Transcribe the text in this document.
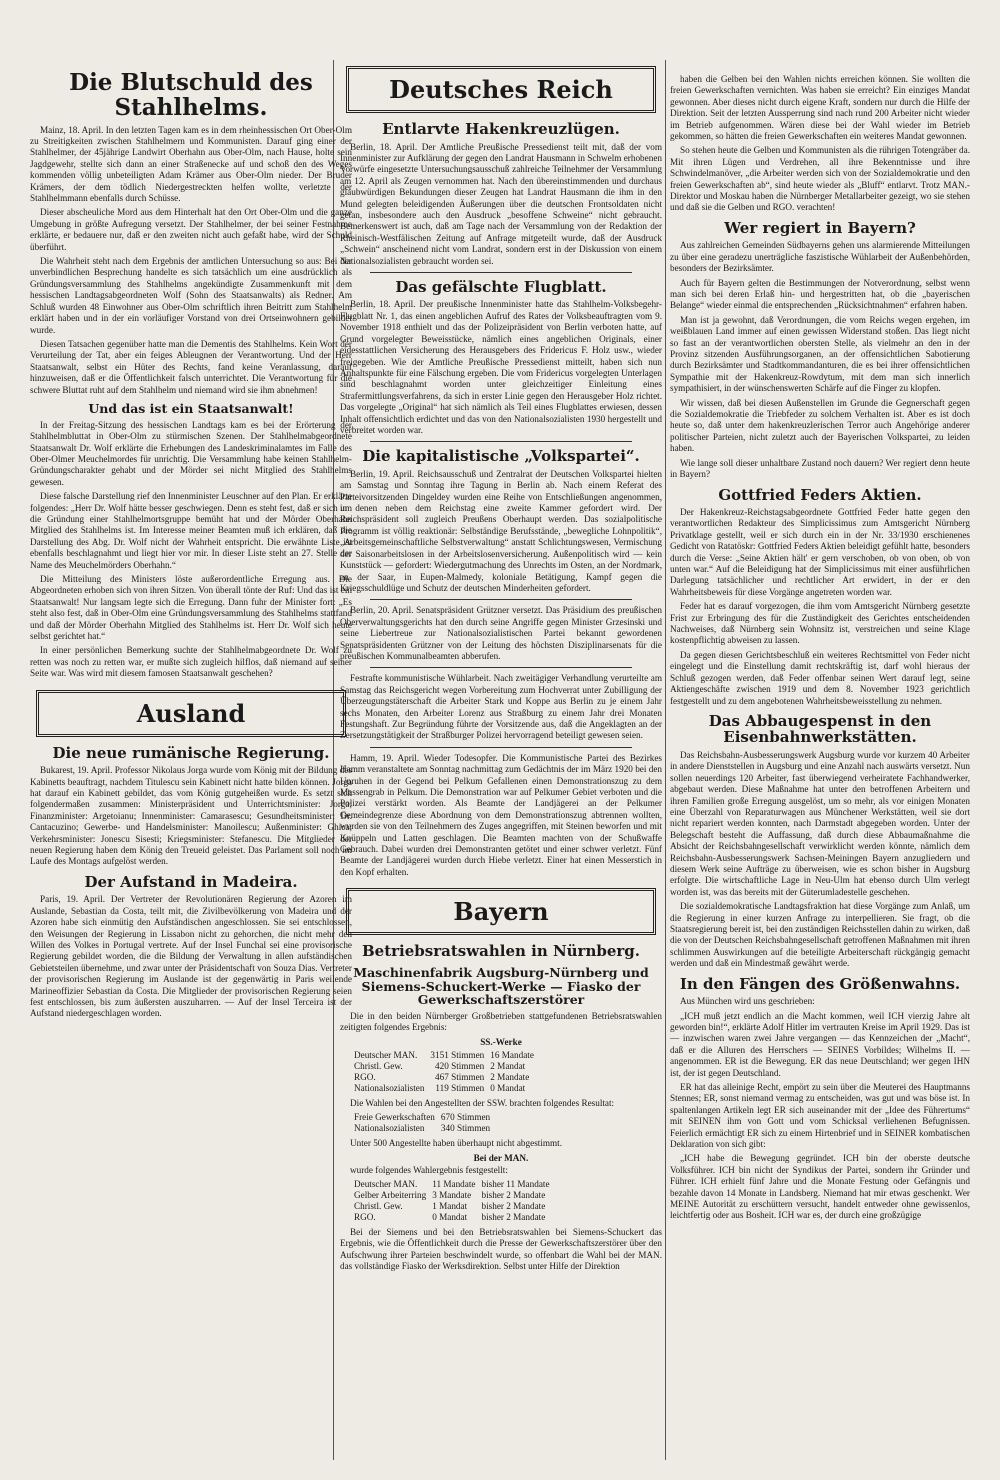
Die Blutschuld des Stahlhelms.

Mainz, 18. April. In den letzten Tagen kam es in dem rheinhessischen Ort Ober-Olm zu Streitigkeiten zwischen Stahlhelmern und Kommunisten. Darauf ging einer der Stahlhelmer, der 45jährige Landwirt Oberhahn aus Ober-Olm, nach Hause, holte sein Jagdgewehr, stellte sich dann an einer Straßenecke auf und schoß den des Weges kommenden völlig unbeteiligten Adam Krämer aus Ober-Olm nieder. Der Bruder Krämers, der dem tödlich Niedergestreckten helfen wollte, verletzte der Stahlhelmmann ebenfalls durch Schüsse.

Dieser abscheuliche Mord aus dem Hinterhalt hat den Ort Ober-Olm und die ganze Umgebung in größte Aufregung versetzt. Der Stahlhelmer, der bei seiner Festnahme erklärte, er bedauere nur, daß er den zweiten nicht auch gefaßt habe, wird der Schuld überführt.

Die Wahrheit steht nach dem Ergebnis der amtlichen Untersuchung so aus: Bei der unverbindlichen Besprechung handelte es sich tatsächlich um eine ausdrücklich als Gründungsversammlung des Stahlhelms angekündigte Zusammenkunft mit dem hessischen Landtagsabgeordneten Wolf (Sohn des Staatsanwalts) als Redner. Am Schluß wurden 48 Einwohner aus Ober-Olm schriftlich ihren Beitritt zum Stahlhelm erklärt haben und in der ein vorläufiger Vorstand von drei Ortseinwohnern gebildet wurde.

Diesen Tatsachen gegenüber hatte man die Dementis des Stahlhelms. Kein Wort der Verurteilung der Tat, aber ein feiges Ableugnen der Verantwortung. Und der Herr Staatsanwalt, selbst ein Hüter des Rechts, fand keine Veranlassung, darauf hinzuweisen, daß er die Öffentlichkeit falsch unterrichtet. Die Verantwortung für die schwere Bluttat ruht auf dem Stahlhelm und niemand wird sie ihm abnehmen!

Und das ist ein Staatsanwalt!

In der Freitag-Sitzung des hessischen Landtags kam es bei der Erörterung der Stahlhelmbluttat in Ober-Olm zu stürmischen Szenen. Der Stahlhelmabgeordnete Staatsanwalt Dr. Wolf erklärte die Erhebungen des Landeskriminalamtes im Falle des Ober-Olmer Meuchelmordes für unrichtig. Die Versammlung habe keinen Stahlhelm-Gründungscharakter gehabt und der Mörder sei nicht Mitglied des Stahlhelms gewesen.

Diese falsche Darstellung rief den Innenminister Leuschner auf den Plan. Er erklärte folgendes: „Herr Dr. Wolf hätte besser geschwiegen. Denn es steht fest, daß er sich um die Gründung einer Stahlhelmortsgruppe bemüht hat und der Mörder Oberhahn Mitglied des Stahlhelms ist. Im Interesse meiner Beamten muß ich erklären, daß die Darstellung des Abg. Dr. Wolf nicht der Wahrheit entspricht. Die erwähnte Liste ist ebenfalls beschlagnahmt und liegt hier vor mir. In dieser Liste steht an 27. Stelle der Name des Meuchelmörders Oberhahn.“

Die Mitteilung des Ministers löste außerordentliche Erregung aus. Die Abgeordneten erhoben sich von ihren Sitzen. Von überall tönte der Ruf: Und das ist ein Staatsanwalt! Nur langsam legte sich die Erregung. Dann fuhr der Minister fort: „Es steht also fest, daß in Ober-Olm eine Gründungsversammlung des Stahlhelms stattfand und daß der Mörder Oberhahn Mitglied des Stahlhelms ist. Herr Dr. Wolf sich heute selbst gerichtet hat.“

In einer persönlichen Bemerkung suchte der Stahlhelmabgeordnete Dr. Wolf zu retten was noch zu retten war, er mußte sich zugleich hilflos, daß niemand auf seiner Seite war. Was wird mit diesem famosen Staatsanwalt geschehen?

Ausland
Die neue rumänische Regierung.

Bukarest, 19. April. Professor Nikolaus Jorga wurde vom König mit der Bildung des Kabinetts beauftragt, nachdem Titulescu sein Kabinett nicht hatte bilden können. Jorga hat darauf ein Kabinett gebildet, das vom König gutgeheißen wurde. Es setzt sich folgendermaßen zusammen: Ministerpräsident und Unterrichtsminister: Jorga; Finanzminister: Argetoianu; Innenminister: Camarasescu; Gesundheitsminister: Dr. Cantacuzino; Gewerbe- und Handelsminister: Manoilescu; Außenminister: Ghica; Verkehrsminister: Jonescu Sisesti; Kriegsminister: Stefanescu. Die Mitglieder der neuen Regierung haben dem König den Treueid geleistet. Das Parlament soll noch im Laufe des Montags aufgelöst werden.

Der Aufstand in Madeira.

Paris, 19. April. Der Vertreter der Revolutionären Regierung der Azoren im Auslande, Sebastian da Costa, teilt mit, die Zivilbevölkerung von Madeira und der Azoren habe sich einmütig den Aufständischen angeschlossen. Sie sei entschlossen, den Weisungen der Regierung in Lissabon nicht zu gehorchen, die nicht mehr den Willen des Volkes in Portugal vertrete. Auf der Insel Funchal sei eine provisorische Regierung gebildet worden, die die Bildung der Verwaltung in allen aufständischen Gebietsteilen übernehme, und zwar unter der Präsidentschaft von Souza Dias. Vertreter der provisorischen Regierung im Auslande ist der gegenwärtig in Paris weilende Marineoffizier Sebastian da Costa. Die Mitglieder der provisorischen Regierung seien fest entschlossen, bis zum äußersten auszuharren. — Auf der Insel Terceira ist der Aufstand niedergeschlagen worden.

Deutsches Reich
Entlarvte Hakenkreuzlügen.

Berlin, 18. April. Der Amtliche Preußische Pressedienst teilt mit, daß der vom Innenminister zur Aufklärung der gegen den Landrat Hausmann in Schwelm erhobenen Vorwürfe eingesetzte Untersuchungsausschuß zahlreiche Teilnehmer der Versammlung am 12. April als Zeugen vernommen hat. Nach den übereinstimmenden und durchaus glaubwürdigen Bekundungen dieser Zeugen hat Landrat Hausmann die ihm in den Mund gelegten beleidigenden Äußerungen über die deutschen Frontsoldaten nicht getan, insbesondere auch den Ausdruck „besoffene Schweine“ nicht gebraucht. Bemerkenswert ist auch, daß am Tage nach der Versammlung von der Redaktion der Rheinisch-Westfälischen Zeitung auf Anfrage mitgeteilt wurde, daß der Ausdruck „Schwein“ anscheinend nicht vom Landrat, sondern erst in der Diskussion von einem Nationalsozialisten gebraucht worden sei.

Das gefälschte Flugblatt.

Berlin, 18. April. Der preußische Innenminister hatte das Stahlhelm-Volksbegehr-Flugblatt Nr. 1, das einen angeblichen Aufruf des Rates der Volksbeauftragten vom 9. November 1918 enthielt und das der Polizeipräsident von Berlin verboten hatte, auf Grund vorgelegter Beweisstücke, nämlich eines angeblichen Originals, einer eidesstattlichen Versicherung des Herausgebers des Fridericus F. Holz usw., wieder freigegeben. Wie der Amtliche Preußische Pressedienst mitteilt, haben sich nun Anhaltspunkte für eine Fälschung ergeben. Die vom Fridericus vorgelegten Unterlagen sind beschlagnahmt worden unter gleichzeitiger Einleitung eines Strafermittlungsverfahrens, da sich in erster Linie gegen den Herausgeber Holz richtet. Das vorgelegte „Original“ hat sich nämlich als Teil eines Flugblattes erwiesen, dessen Inhalt offensichtlich erdichtet und das von den Nationalsozialisten 1930 hergestellt und verbreitet worden war.

Die kapitalistische „Volkspartei“.

Berlin, 19. April. Reichsausschuß und Zentralrat der Deutschen Volkspartei hielten am Samstag und Sonntag ihre Tagung in Berlin ab. Nach einem Referat des Parteivorsitzenden Dingeldey wurden eine Reihe von Entschließungen angenommen, in denen neben dem Reichstag eine zweite Kammer gefordert wird. Der Reichspräsident soll zugleich Preußens Oberhaupt werden. Das sozialpolitische Programm ist völlig reaktionär: Selbständige Berufsstände, „bewegliche Lohnpolitik“, „Arbeitsgemeinschaftliche Selbstverwaltung“ anstatt Schlichtungswesen, Vermischung der Saisonarbeitslosen in der Arbeitslosenversicherung. Außenpolitisch wird — kein Kunststück — gefordert: Wiedergutmachung des Unrechts im Osten, an der Nordmark, an der Saar, in Eupen-Malmedy, koloniale Betätigung, Kampf gegen die Kriegsschuldlüge und Schutz der deutschen Minderheiten gefordert.

Berlin, 20. April. Senatspräsident Grützner versetzt. Das Präsidium des preußischen Oberverwaltungsgerichts hat den durch seine Angriffe gegen Minister Grzesinski und seine Liebertreue zur Nationalsozialistischen Partei bekannt gewordenen Senatspräsidenten Grützner von der Leitung des höchsten Disziplinarsenats für die preußischen Kommunalbeamten abberufen.

Festrafte kommunistische Wühlarbeit. Nach zweitägiger Verhandlung verurteilte am Samstag das Reichsgericht wegen Vorbereitung zum Hochverrat unter Zubilligung der Überzeugungstäterschaft die Arbeiter Stark und Koppe aus Berlin zu je einem Jahr sechs Monaten, den Arbeiter Lorenz aus Straßburg zu einem Jahr drei Monaten Festungshaft. Zur Begründung führte der Vorsitzende aus, daß die Angeklagten an der Zersetzungstätigkeit der Straßburger Polizei hervorragend beteiligt gewesen seien.

Hamm, 19. April. Wieder Todesopfer. Die Kommunistische Partei des Bezirkes Hamm veranstaltete am Sonntag nachmittag zum Gedächtnis der im März 1920 bei den Unruhen in der Gegend bei Pelkum Gefallenen einen Demonstrationszug zu dem Massengrab in Pelkum. Die Demonstration war auf Pelkumer Gebiet verboten und die Polizei verstärkt worden. Als Beamte der Landjägerei an der Pelkumer Gemeindegrenze diese Abordnung von dem Demonstrationszug abtrennen wollten, wurden sie von den Teilnehmern des Zuges angegriffen, mit Steinen beworfen und mit Knüppeln und Latten geschlagen. Die Beamten machten von der Schußwaffe Gebrauch. Dabei wurden drei Demonstranten getötet und einer schwer verletzt. Fünf Beamte der Landjägerei wurden durch Hiebe verletzt. Einer hat einen Messerstich in den Kopf erhalten.

Bayern
Betriebsratswahlen in Nürnberg.
Maschinenfabrik Augsburg-Nürnberg und Siemens-Schuckert-Werke — Fiasko der Gewerkschaftszerstörer

Die in den beiden Nürnberger Großbetrieben stattgefundenen Betriebsratswahlen zeitigten folgendes Ergebnis:

SS.-Werke
Deutscher MAN.	3151 Stimmen	16 Mandate
Christl. Gew.	420 Stimmen	2 Mandat
RGO.	467 Stimmen	2 Mandate
Nationalsozialisten	119 Stimmen	0 Mandat

Die Wahlen bei den Angestellten der SSW. brachten folgendes Resultat:

Freie Gewerkschaften	670 Stimmen
Nationalsozialisten	340 Stimmen

Unter 500 Angestellte haben überhaupt nicht abgestimmt.

Bei der MAN.

wurde folgendes Wahlergebnis festgestellt:

Deutscher MAN.	11 Mandate	bisher 11 Mandate
Gelber Arbeiterring	3 Mandate	bisher 2 Mandate
Christl. Gew.	1 Mandat	bisher 2 Mandate
RGO.	0 Mandat	bisher 2 Mandate

Bei der Siemens und bei den Betriebsratswahlen bei Siemens-Schuckert das Ergebnis, wie die Öffentlichkeit durch die Presse der Gewerkschaftszerstörer über den Aufschwung ihrer Parteien beschwindelt wurde, so offenbart die Wahl bei der MAN. das vollständige Fiasko der Werksdirektion. Selbst unter Hilfe der Direktion

haben die Gelben bei den Wahlen nichts erreichen können. Sie wollten die freien Gewerkschaften vernichten. Was haben sie erreicht? Ein einziges Mandat gewonnen. Aber dieses nicht durch eigene Kraft, sondern nur durch die Hilfe der Direktion. Seit der letzten Aussperrung sind nach rund 200 Arbeiter nicht wieder im Betrieb aufgenommen. Wären diese bei der Wahl wieder im Betrieb gekommen, so hätten die freien Gewerkschaften ein weiteres Mandat gewonnen.

So stehen heute die Gelben und Kommunisten als die rührigen Totengräber da. Mit ihren Lügen und Verdrehen, all ihre Bekenntnisse und ihre Schwindelmanöver, „die Arbeiter werden sich von der Sozialdemokratie und den freien Gewerkschaften ab“, sind heute wieder als „Bluff“ entlarvt. Trotz MAN.-Direktor und Moskau haben die Nürnberger Metallarbeiter gezeigt, wo sie stehen und daß sie die Gelben und RGO. verachten!

Wer regiert in Bayern?

Aus zahlreichen Gemeinden Südbayerns gehen uns alarmierende Mitteilungen zu über eine geradezu unerträgliche faszistische Wühlarbeit der Außenbehörden, besonders der Bezirksämter.

Auch für Bayern gelten die Bestimmungen der Notverordnung, selbst wenn man sich bei deren Erlaß hin- und hergestritten hat, ob die „bayerischen Belange“ wieder einmal die entsprechenden „Rücksichtnahmen“ erfahren haben.

Man ist ja gewohnt, daß Verordnungen, die vom Reichs wegen ergehen, im weißblauen Land immer auf einen gewissen Widerstand stoßen. Das liegt nicht so fast an der verantwortlichen obersten Stelle, als vielmehr an den in der Provinz sitzenden Ausführungsorganen, an der offensichtlichen Sabotierung durch Bezirksämter und Stadtkommandanturen, die es bei ihrer offensichtlichen Sympathie mit der Hakenkreuz-Rowdytum, mit dem man sich innerlich sympathisiert, in der wünschenswerten Schärfe auf die Finger zu klopfen.

Wir wissen, daß bei diesen Außenstellen im Grunde die Gegnerschaft gegen die Sozialdemokratie die Triebfeder zu solchem Verhalten ist. Aber es ist doch heute so, daß unter dem hakenkreuzlerischen Terror auch Angehörige anderer politischer Parteien, nicht zuletzt auch der Bayerischen Volkspartei, zu leiden haben.

Wie lange soll dieser unhaltbare Zustand noch dauern? Wer regiert denn heute in Bayern?

Gottfried Feders Aktien.

Der Hakenkreuz-Reichstagsabgeordnete Gottfried Feder hatte gegen den verantwortlichen Redakteur des Simplicissimus zum Amtsgericht Nürnberg Privatklage gestellt, weil er sich durch ein in der Nr. 33/1930 erschienenes Gedicht von Ratatöskr: Gottfried Feders Aktien beleidigt gefühlt hatte, besonders durch die Verse: „Seine Aktien hält' er gern verschoben, ob von oben, ob von unten war.“ Auf die Beleidigung hat der Simplicissimus mit einer ausführlichen Darlegung tatsächlicher und rechtlicher Art erwidert, in der er den Wahrheitsbeweis für diese Vorgänge angetreten worden war.

Feder hat es darauf vorgezogen, die ihm vom Amtsgericht Nürnberg gesetzte Frist zur Erbringung des für die Zuständigkeit des Gerichtes entscheidenden Nachweises, daß Nürnberg sein Wohnsitz ist, verstreichen und seine Klage kostenpflichtig abweisen zu lassen.

Da gegen diesen Gerichtsbeschluß ein weiteres Rechtsmittel von Feder nicht eingelegt und die Einstellung damit rechtskräftig ist, darf wohl hieraus der Schluß gezogen werden, daß Feder offenbar seinen Wert darauf legt, seine Aktiengeschäfte zwischen 1919 und dem 8. November 1923 gerichtlich festgestellt und zu dem angebotenen Wahrheitsbeweisstellung zu nehmen.

Das Abbaugespenst in den Eisenbahnwerkstätten.

Das Reichsbahn-Ausbesserungswerk Augsburg wurde vor kurzem 40 Arbeiter in andere Dienststellen in Augsburg und eine Anzahl nach auswärts versetzt. Nun sollen neuerdings 120 Arbeiter, fast überwiegend verheiratete Fachhandwerker, abgebaut werden. Diese Maßnahme hat unter den betroffenen Arbeitern und ihren Familien große Erregung ausgelöst, um so mehr, als vor einigen Monaten eine Überzahl von Reparaturwagen aus Münchener Werkstätten, weil sie dort nicht repariert werden konnten, nach Darmstadt abgegeben worden. Unter der Belegschaft besteht die Auffassung, daß durch diese Abbaumaßnahme die Absicht der Reichsbahngesellschaft verwirklicht werden könnte, nämlich dem Reichsbahn-Ausbesserungswerk Sachsen-Meiningen Bayern anzugliedern und diesem Werk seine Aufträge zu überweisen, wie es schon bisher in Augsburg erfolgte. Die wirtschaftliche Lage in Neu-Ulm hat ebenso durch Ulm verlegt worden ist, was das bereits mit der Güterumladestelle geschehen.

Die sozialdemokratische Landtagsfraktion hat diese Vorgänge zum Anlaß, um die Regierung in einer kurzen Anfrage zu interpellieren. Sie fragt, ob die Staatsregierung bereit ist, bei den zuständigen Reichsstellen dahin zu wirken, daß die von der Deutschen Reichsbahngesellschaft getroffenen Maßnahmen mit ihren schlimmen Auswirkungen auf die beteiligte Arbeiterschaft rückgängig gemacht werden und daß ein Mindestmaß gewährt werde.

In den Fängen des Größenwahns.

Aus München wird uns geschrieben:

„ICH muß jetzt endlich an die Macht kommen, weil ICH vierzig Jahre alt geworden bin!“, erklärte Adolf Hitler im vertrauten Kreise im April 1929. Das ist — inzwischen waren zwei Jahre vergangen — das Kennzeichen der „Macht“, daß er die Alluren des Herrschers — SEINES Vorbildes; Wilhelms II. — angenommen. ER ist die Bewegung. ER das neue Deutschland; wer gegen IHN ist, der ist gegen Deutschland.

ER hat das alleinige Recht, empört zu sein über die Meuterei des Hauptmanns Stennes; ER, sonst niemand vermag zu entscheiden, was gut und was böse ist. In spaltenlangen Artikeln legt ER sich auseinander mit der „Idee des Führertums“ mit SEINEN ihm von Gott und vom Schicksal verliehenen Befugnissen. Feierlich ermächtigt ER sich zu einem Hirtenbrief und in SEINER kombatischen Deklaration von sich gibt:

„ICH habe die Bewegung gegründet. ICH bin der oberste deutsche Volksführer. ICH bin nicht der Syndikus der Partei, sondern ihr Gründer und Führer. ICH erhielt fünf Jahre und die Monate Festung oder Gefängnis und bezahle davon 14 Monate in Landsberg. Niemand hat mir etwas geschenkt. Wer MEINE Autorität zu erschüttern versucht, handelt entweder ohne gewissenlos, leichtfertig oder aus Bosheit. ICH war es, der durch eine großzügige
